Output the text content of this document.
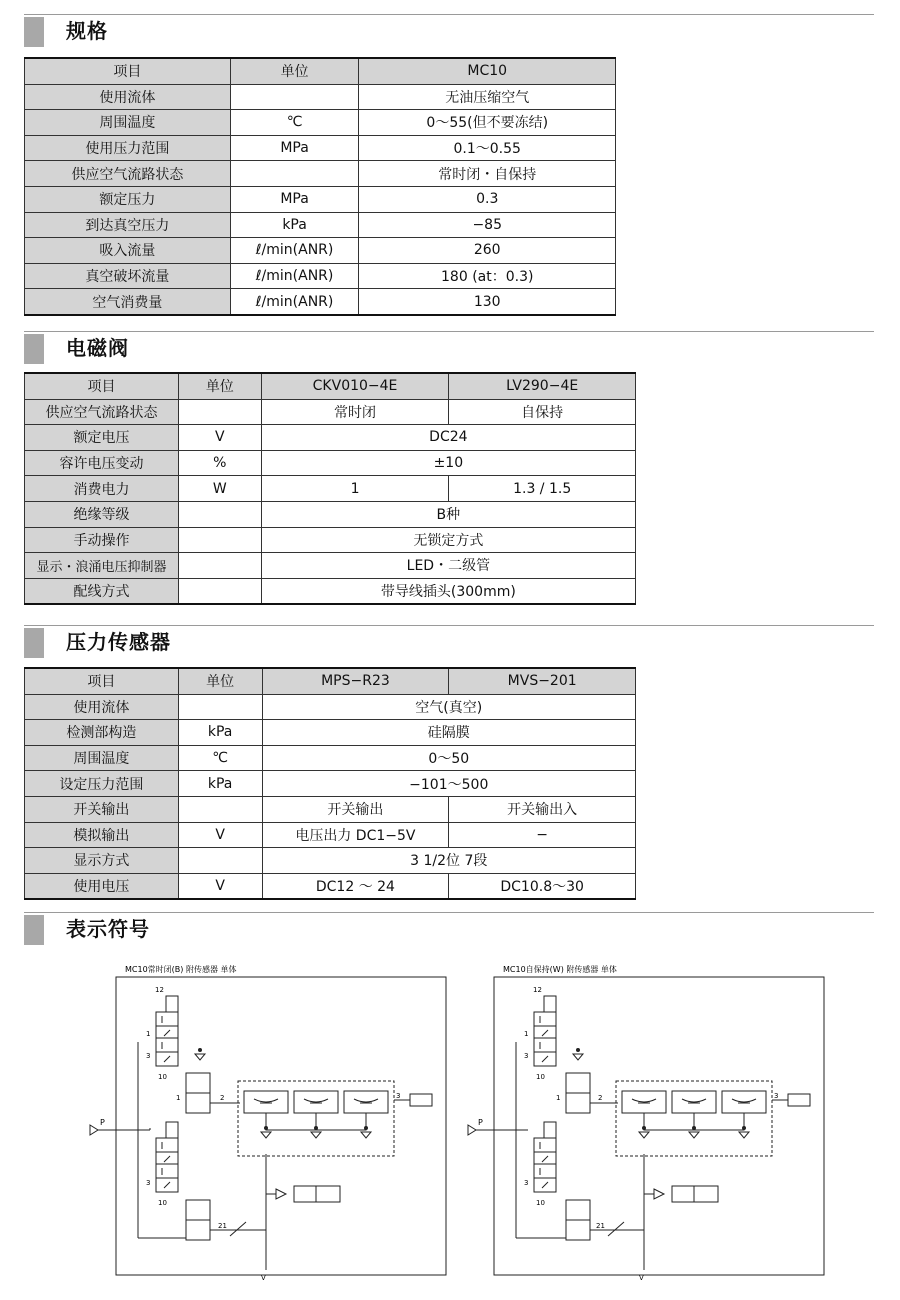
规格
项目	单位	MC10
使用流体		无油压缩空气
周围温度	℃	0～55(但不要冻结)
使用压力范围	MPa	0.1～0.55
供应空气流路状态		常时闭・自保持
额定压力	MPa	0.3
到达真空压力	kPa	−85
吸入流量	ℓ/min(ANR)	260
真空破坏流量	ℓ/min(ANR)	180 (at：0.3)
空气消费量	ℓ/min(ANR)	130
电磁阀
项目	单位	CKV010−4E	LV290−4E
供应空气流路状态		常时闭	自保持
额定电压	V	DC24	
容许电压变动	%	±10	
消费电力	W	1	1.3 / 1.5
绝缘等级		B种	
手动操作		无锁定方式	
显示・浪涌电压抑制器		LED・二级管	
配线方式		带导线插头(300mm)	
压力传感器
项目	单位	MPS−R23	MVS−201
使用流体		空气(真空)	
检测部构造	kPa	硅隔膜	
周围温度	℃	0～50	
设定压力范围	kPa	−101～500	
开关输出		开关输出	开关输出入
模拟输出	V	电压出力 DC1−5V	−
显示方式		3 1/2位 7段	
使用电压	V	DC12 ～ 24	DC10.8～30
表示符号
MC10常时闭(B) 附传感器 单体
P
12
1
3
10
1	2	3
3
10
21
V
MC10自保持(W) 附传感器 单体
P
12
1
3
10
1	2	3
3
10
21
V
